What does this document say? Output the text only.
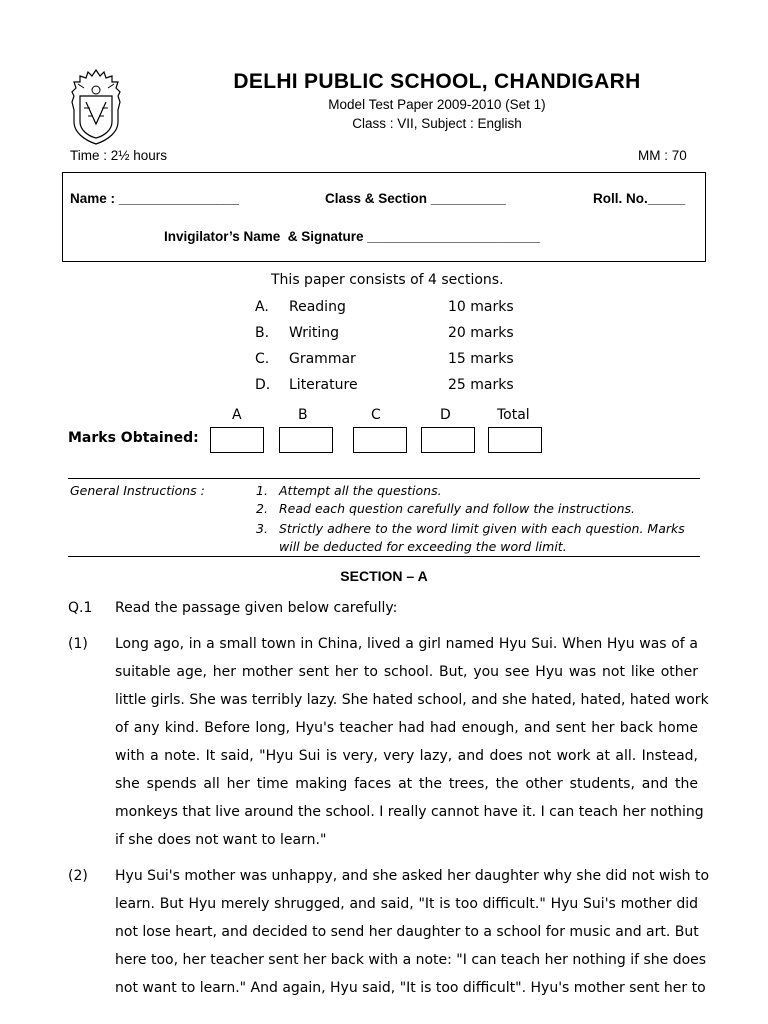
DELHI PUBLIC SCHOOL, CHANDIGARH
Model Test Paper 2009-2010 (Set 1)
Class : VII, Subject : English
Time : 2½ hours	MM : 70
Name : ________________	Class & Section __________	Roll. No._____
Invigilator’s Name  & Signature _______________________
This paper consists of 4 sections.
A. Reading	10 marks
B. Writing	20 marks
C. Grammar	15 marks
D. Literature	25 marks
A	B	C	D	Total
Marks Obtained:
General Instructions :	1. Attempt all the questions.
2. Read each question carefully and follow the instructions.
3. Strictly adhere to the word limit given with each question. Marks
will be deducted for exceeding the word limit.
SECTION – A
Q.1 Read the passage given below carefully:
(1) Long ago, in a small town in China, lived a girl named Hyu Sui. When Hyu was of a
suitable age, her mother sent her to school. But, you see Hyu was not like other
little girls. She was terribly lazy. She hated school, and she hated, hated, hated work
of any kind. Before long, Hyu's teacher had had enough, and sent her back home
with a note. It said, "Hyu Sui is very, very lazy, and does not work at all. Instead,
she spends all her time making faces at the trees, the other students, and the
monkeys that live around the school. I really cannot have it. I can teach her nothing
if she does not want to learn."
(2) Hyu Sui's mother was unhappy, and she asked her daughter why she did not wish to
learn. But Hyu merely shrugged, and said, "It is too difficult." Hyu Sui's mother did
not lose heart, and decided to send her daughter to a school for music and art. But
here too, her teacher sent her back with a note: "I can teach her nothing if she does
not want to learn." And again, Hyu said, "It is too difficult". Hyu's mother sent her to
